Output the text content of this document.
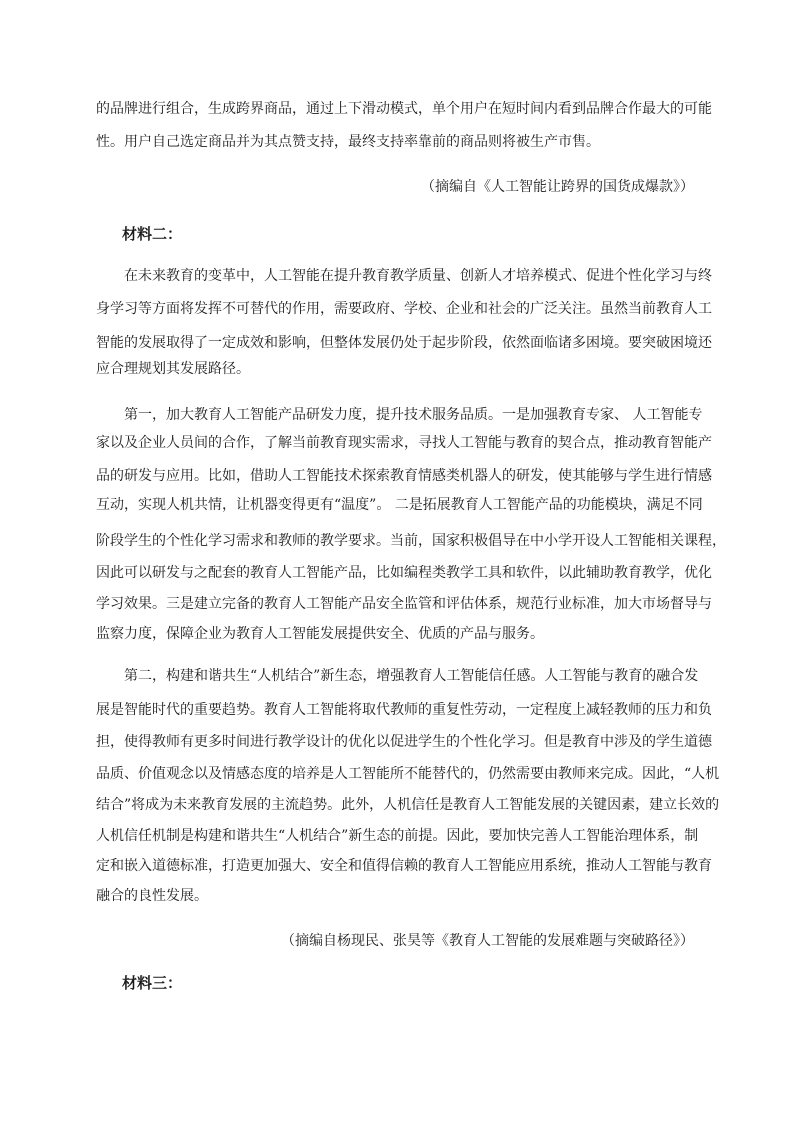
的品牌进行组合，生成跨界商品，通过上下滑动模式，单个用户在短时间内看到品牌合作最大的可能
性。用户自己选定商品并为其点赞支持，最终支持率靠前的商品则将被生产市售。
（摘编自《人工智能让跨界的国货成爆款》）
材料二：
在未来教育的变革中，人工智能在提升教育教学质量、创新人才培养模式、促进个性化学习与终
身学习等方面将发挥不可替代的作用，需要政府、学校、企业和社会的广泛关注。虽然当前教育人工
智能的发展取得了一定成效和影响，但整体发展仍处于起步阶段，依然面临诸多困境。要突破困境还
应合理规划其发展路径。
第一，加大教育人工智能产品研发力度，提升技术服务品质。一是加强教育专家、 人工智能专
家以及企业人员间的合作，了解当前教育现实需求，寻找人工智能与教育的契合点，推动教育智能产
品的研发与应用。比如，借助人工智能技术探索教育情感类机器人的研发，使其能够与学生进行情感
互动，实现人机共情，让机器变得更有“温度”。 二是拓展教育人工智能产品的功能模块，满足不同
阶段学生的个性化学习需求和教师的教学要求。当前，国家积极倡导在中小学开设人工智能相关课程，
因此可以研发与之配套的教育人工智能产品，比如编程类教学工具和软件，以此辅助教育教学，优化
学习效果。三是建立完备的教育人工智能产品安全监管和评估体系，规范行业标准，加大市场督导与
监察力度，保障企业为教育人工智能发展提供安全、优质的产品与服务。
第二，构建和谐共生“人机结合”新生态，增强教育人工智能信任感。人工智能与教育的融合发
展是智能时代的重要趋势。教育人工智能将取代教师的重复性劳动，一定程度上减轻教师的压力和负
担，使得教师有更多时间进行教学设计的优化以促进学生的个性化学习。但是教育中涉及的学生道德
品质、价值观念以及情感态度的培养是人工智能所不能替代的，仍然需要由教师来完成。因此，“人机
结合”将成为未来教育发展的主流趋势。此外，人机信任是教育人工智能发展的关键因素，建立长效的
人机信任机制是构建和谐共生“人机结合”新生态的前提。因此，要加快完善人工智能治理体系，制
定和嵌入道德标准，打造更加强大、安全和值得信赖的教育人工智能应用系统，推动人工智能与教育
融合的良性发展。
（摘编自杨现民、张昊等《教育人工智能的发展难题与突破路径》）
材料三：
